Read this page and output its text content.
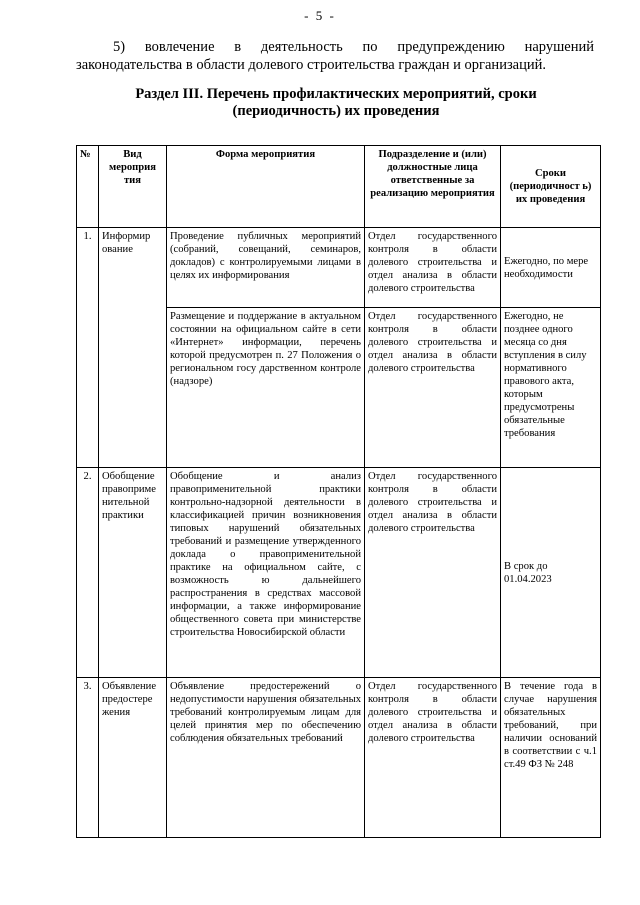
- 5 -
5) вовлечение в деятельность по предупреждению нарушений
законодательства в области долевого строительства граждан и организаций.
Раздел III. Перечень профилактических мероприятий, сроки
(периодичность) их проведения
№	Вид мероприя тия	Форма мероприятия	Подразделение и (или) должностные лица ответственные за реализацию мероприятия	Сроки (периодичност ь) их проведения
1.	Информир ование	Проведение публичных мероприятий (собраний, совещаний, семинаров, докладов) с контролируемыми лицами в целях их информирования	Отдел государственного контроля в области долевого строительства и отдел анализа в области долевого строительства	Ежегодно, по мере необходимости
		Размещение и поддержание в актуальном состоянии на официальном сайте в сети «Интернет» информации, перечень которой предусмотрен п. 27 Положения о региональном госу дарственном контроле (надзоре)	Отдел государственного контроля в области долевого строительства и отдел анализа в области долевого строительства	Ежегодно, не позднее одного месяца со дня вступления в силу нормативного правового акта, которым предусмотрены обязательные требования
2.	Обобщение правоприме нительной практики	Обобщение и анализ правоприменительной практики контрольно-надзорной деятельности в классификацией причин возникновения типовых нарушений обязательных требований и размещение утвержденного доклада о правоприменительной практике на официальном сайте, с возможность ю дальнейшего распространения в средствах массовой информации, а также информирование общественного совета при министерстве строительства Новосибирской области	Отдел государственного контроля в области долевого строительства и отдел анализа в области долевого строительства	В срок до 01.04.2023
3.	Объявление предостере жения	Объявление предостережений о недопустимости нарушения обязательных требований контролируемым лицам для целей принятия мер по обеспечению соблюдения обязательных требований	Отдел государственного контроля в области долевого строительства и отдел анализа в области долевого строительства	В течение года в случае нарушения обязательных требований, при наличии оснований в соответствии с ч.1 ст.49 ФЗ № 248
